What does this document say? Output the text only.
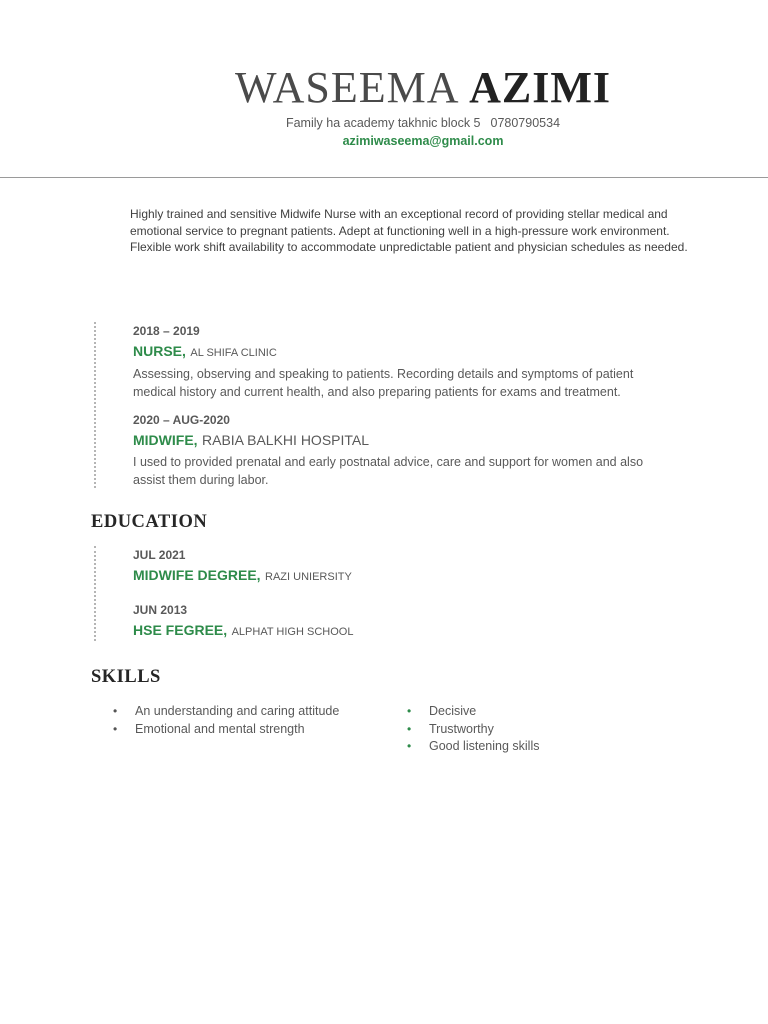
WASEEMA AZIMI
Family ha academy takhnic block 5 0780790534
azimiwaseema@gmail.com
Highly trained and sensitive Midwife Nurse with an exceptional record of providing stellar medical and emotional service to pregnant patients. Adept at functioning well in a high-pressure work environment. Flexible work shift availability to accommodate unpredictable patient and physician schedules as needed.
2018 – 2019
NURSE, AL SHIFA CLINIC
Assessing, observing and speaking to patients. Recording details and symptoms of patient medical history and current health, and also preparing patients for exams and treatment.
2020 – AUG-2020
MIDWIFE, RABIA BALKHI HOSPITAL
I used to provided prenatal and early postnatal advice, care and support for women and also assist them during labor.
EDUCATION
JUL 2021
MIDWIFE DEGREE, RAZI UNIERSITY
JUN 2013
HSE FEGREE, ALPHAT HIGH SCHOOL
SKILLS
• An understanding and caring attitude
• Emotional and mental strength
• Decisive
• Trustworthy
• Good listening skills
